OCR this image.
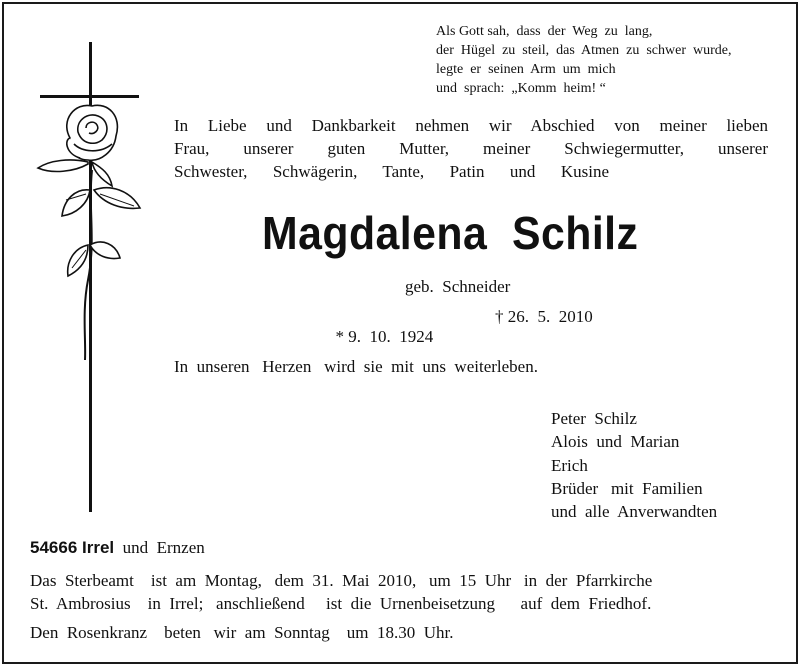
Als Gott sah,  dass  der  Weg  zu  lang,
der  Hügel  zu  steil,  das  Atmen  zu  schwer  wurde,
legte  er  seinen  Arm  um  mich
und  sprach:  „Komm  heim! “
In Liebe und Dankbarkeit nehmen wir Abschied von meiner lieben
Frau, unserer guten Mutter, meiner Schwiegermutter, unserer
Schwester, Schwägerin, Tante, Patin und Kusine
Magdalena  Schilz
geb.  Schneider

* 9.  10.  1924

† 26.  5.  2010

In  unseren   Herzen   wird  sie  mit  uns  weiterleben.
Peter  Schilz
Alois  und  Marian
Erich
Brüder   mit  Familien
und  alle  Anverwandten
54666 Irrel  und  Ernzen
Das  Sterbeamt    ist  am  Montag,   dem  31.  Mai  2010,   um  15  Uhr   in  der  Pfarrkirche
St.  Ambrosius    in  Irrel;   anschließend     ist  die  Urnenbeisetzung      auf  dem  Friedhof.
Den  Rosenkranz    beten   wir  am  Sonntag    um  18.30  Uhr.
